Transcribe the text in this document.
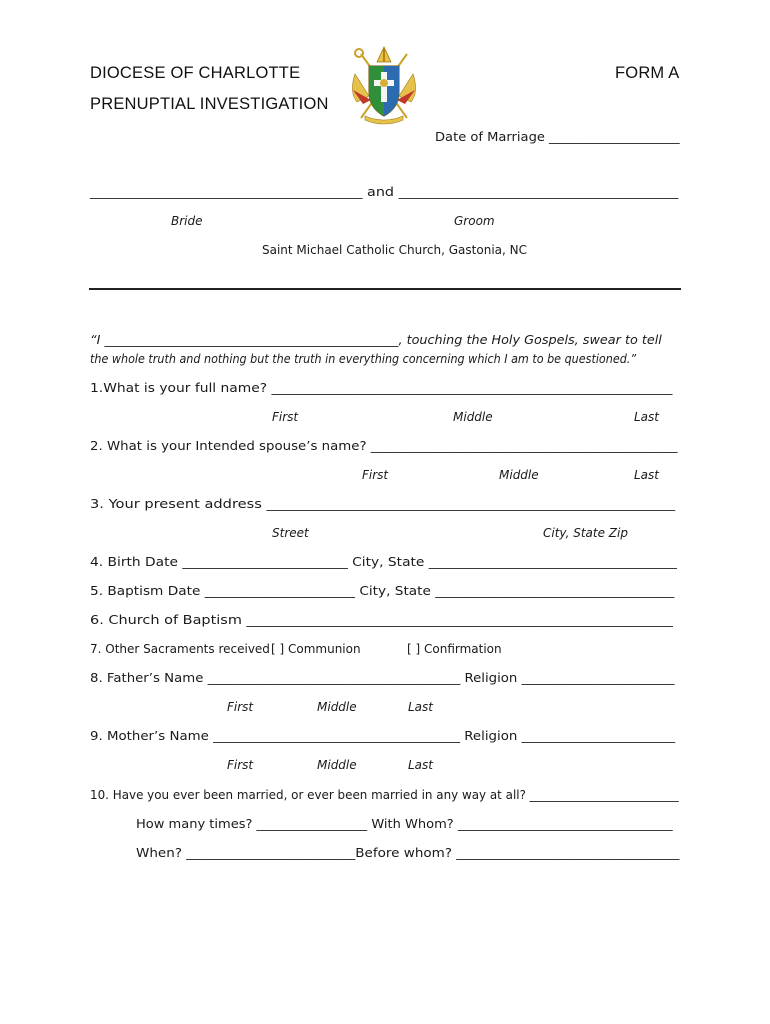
DIOCESE OF CHARLOTTE
PRENUPTIAL INVESTIGATION
FORM A
Date of Marriage ____________________
______________________________________ and _______________________________________
Bride	Groom
Saint Michael Catholic Church, Gastonia, NC
“I ______________________________________________, touching the Holy Gospels, swear to tell
the whole truth and nothing but the truth in everything concerning which I am to be questioned.”
1.What is your full name? __________________________________________________________
First	Middle	Last
2. What is your Intended spouse’s name? ______________________________________________
First	Middle	Last
3. Your present address ________________________________________________________
Street	City, State Zip
4. Birth Date ________________________ City, State ____________________________________
5. Baptism Date ______________________ City, State ___________________________________
6. Church of Baptism ___________________________________________________________
7. Other Sacraments received [ ] Communion	[ ] Confirmation
8. Father’s Name ______________________________________ Religion _______________________
First	Middle	Last
9. Mother’s Name _____________________________________ Religion _______________________
First	Middle	Last
10. Have you ever been married, or ever been married in any way at all? _________________________
How many times? _________________ With Whom? _________________________________
When? _________________________Before whom? _________________________________
